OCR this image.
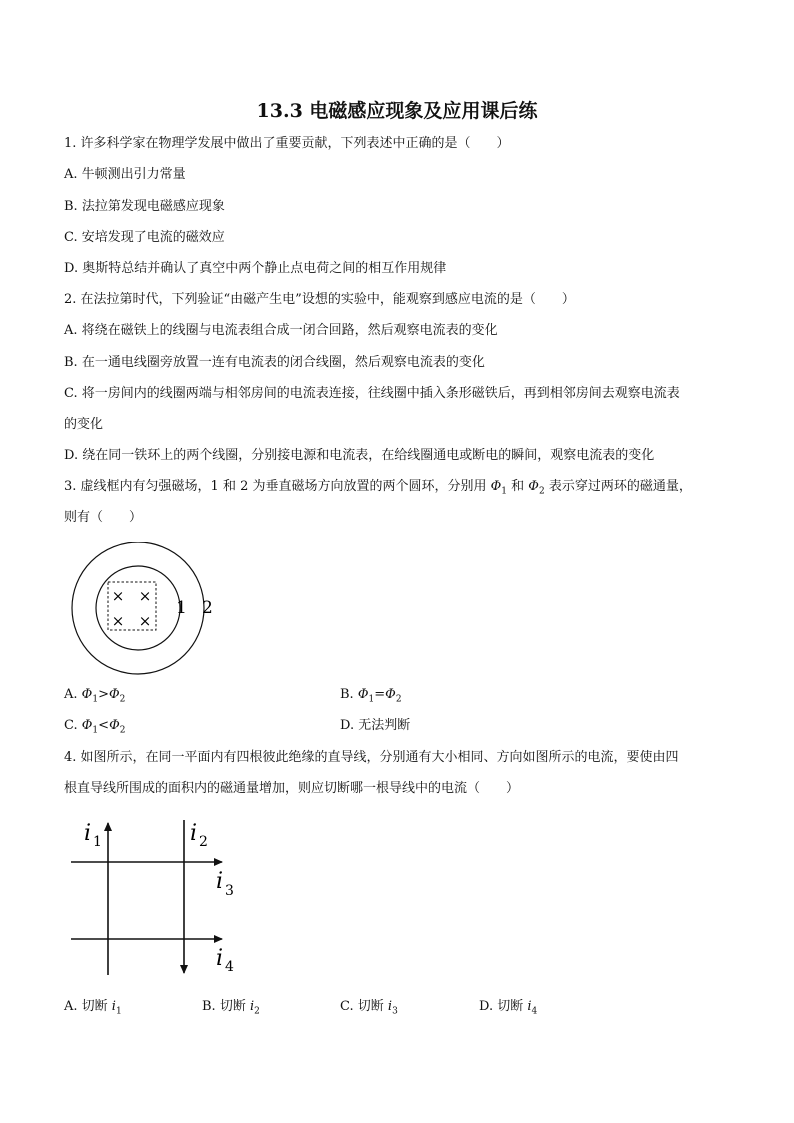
13.3 电磁感应现象及应用课后练
1. 许多科学家在物理学发展中做出了重要贡献，下列表述中正确的是（　　）
A. 牛顿测出引力常量
B. 法拉第发现电磁感应现象
C. 安培发现了电流的磁效应
D. 奥斯特总结并确认了真空中两个静止点电荷之间的相互作用规律
2. 在法拉第时代，下列验证“由磁产生电”设想的实验中，能观察到感应电流的是（　　）
A. 将绕在磁铁上的线圈与电流表组合成一闭合回路，然后观察电流表的变化
B. 在一通电线圈旁放置一连有电流表的闭合线圈，然后观察电流表的变化
C. 将一房间内的线圈两端与相邻房间的电流表连接，往线圈中插入条形磁铁后，再到相邻房间去观察电流表
的变化
D. 绕在同一铁环上的两个线圈，分别接电源和电流表，在给线圈通电或断电的瞬间，观察电流表的变化
3. 虚线框内有匀强磁场，1 和 2 为垂直磁场方向放置的两个圆环，分别用 $\Phi_1$ 和 $\Phi_2$ 表示穿过两环的磁通量，
则有（　　）
× ×
× ×
1 2
A. $\Phi_1>\Phi_2$	B. $\Phi_1=\Phi_2$
C. $\Phi_1<\Phi_2$	D. 无法判断
4. 如图所示，在同一平面内有四根彼此绝缘的直导线，分别通有大小相同、方向如图所示的电流，要使由四
根直导线所围成的面积内的磁通量增加，则应切断哪一根导线中的电流（　　）
i 1	i 2
i 3
i 4
A. 切断 $i_1$	B. 切断 $i_2$	C. 切断 $i_3$	D. 切断 $i_4$
